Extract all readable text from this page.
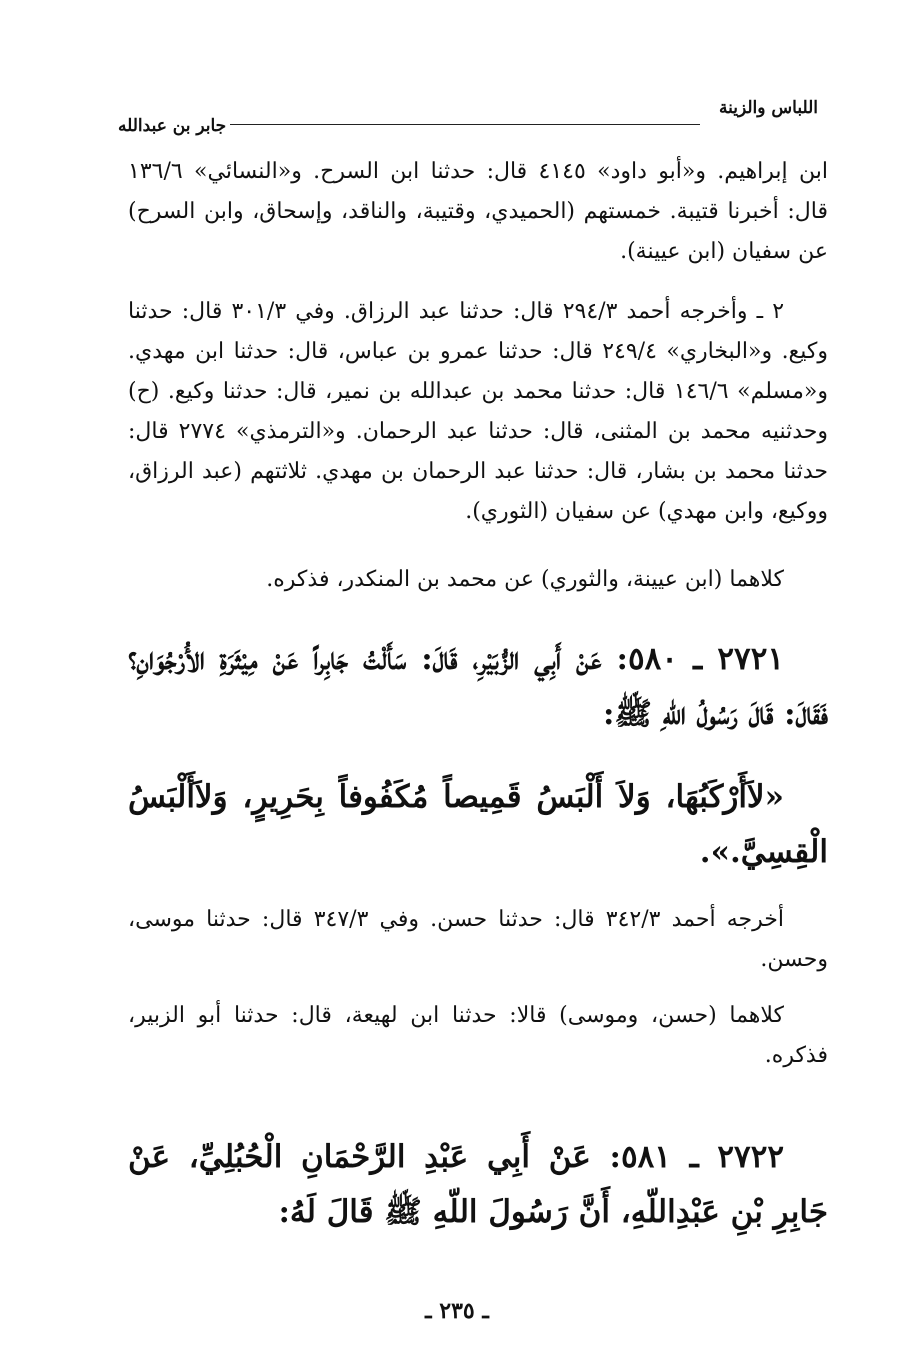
اللباس والزينة
جابر بن عبدالله

ابن إبراهيم. و«أبو داود» ٤١٤٥ قال: حدثنا ابن السرح. و«النسائي» ١٣٦/٦ قال: أخبرنا قتيبة. خمستهم (الحميدي، وقتيبة، والناقد، وإسحاق، وابن السرح) عن سفيان (ابن عيينة).

٢ ـ وأخرجه أحمد ٢٩٤/٣ قال: حدثنا عبد الرزاق. وفي ٣٠١/٣ قال: حدثنا وكيع. و«البخاري» ٢٤٩/٤ قال: حدثنا عمرو بن عباس، قال: حدثنا ابن مهدي. و«مسلم» ١٤٦/٦ قال: حدثنا محمد بن عبدالله بن نمير، قال: حدثنا وكيع. (ح) وحدثنيه محمد بن المثنى، قال: حدثنا عبد الرحمان. و«الترمذي» ٢٧٧٤ قال: حدثنا محمد بن بشار، قال: حدثنا عبد الرحمان بن مهدي. ثلاثتهم (عبد الرزاق، ووكيع، وابن مهدي) عن سفيان (الثوري).

كلاهما (ابن عيينة، والثوري) عن محمد بن المنكدر، فذكره.

٢٧٢١ ـ ٥٨٠: عَنْ أَبِي الزُّبَيْرِ، قَالَ: سَأَلْتُ جَابِراً عَنْ مِيْثَرَةِ الأُرْجُوَانِ؟ فَقَالَ: قَالَ رَسُولُ اللّهِ ﷺ:

«لاَأَرْكَبُهَا، وَلاَ أَلْبَسُ قَمِيصاً مُكَفُوفاً بِحَرِيرٍ، وَلاَأَلْبَسُ الْقِسِيَّ.».

أخرجه أحمد ٣٤٢/٣ قال: حدثنا حسن. وفي ٣٤٧/٣ قال: حدثنا موسى، وحسن.

كلاهما (حسن، وموسى) قالا: حدثنا ابن لهيعة، قال: حدثنا أبو الزبير، فذكره.

٢٧٢٢ ـ ٥٨١: عَنْ أَبِي عَبْدِ الرَّحْمَانِ الْحُبُلِيِّ، عَنْ جَابِرِ بْنِ عَبْدِاللّهِ، أَنَّ رَسُولَ اللّهِ ﷺ قَالَ لَهُ:

ـ ٢٣٥ ـ
